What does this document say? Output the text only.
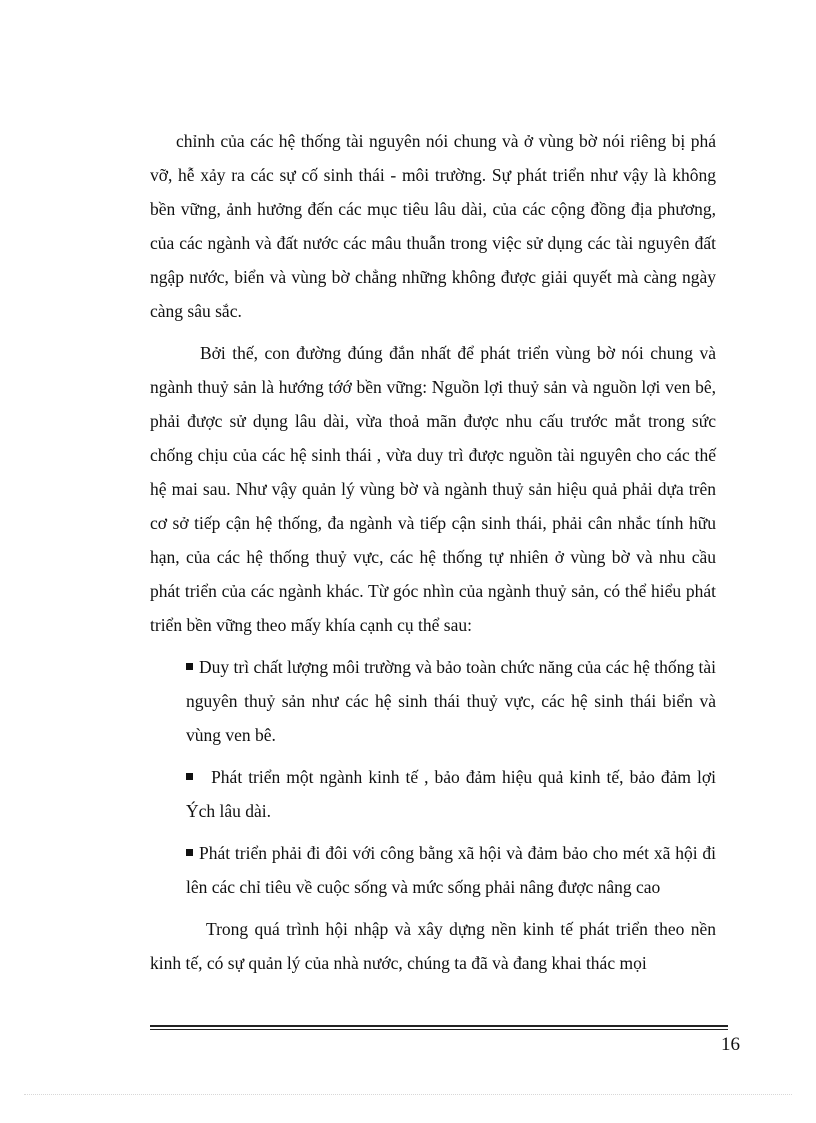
chỉnh của các hệ thống tài nguyên nói chung và ở vùng bờ nói riêng bị phá vỡ, hễ xảy ra các sự cố sinh thái - môi trường. Sự phát triển như vậy là không bền vững, ảnh hưởng đến các mục tiêu lâu dài, của các cộng đồng địa phương, của các ngành và đất nước các mâu thuẫn trong việc sử dụng các tài nguyên đất ngập nước, biển và vùng bờ chẳng những không được giải quyết mà càng ngày càng sâu sắc.

Bởi thế, con đường đúng đắn nhất để phát triển vùng bờ nói chung và ngành thuỷ sản là hướng tớớ bền vững: Nguồn lợi thuỷ sản và nguồn lợi ven bê, phải được sử dụng lâu dài, vừa thoả mãn được nhu cấu trước mắt trong sức chống chịu của các hệ sinh thái , vừa duy trì được nguồn tài nguyên cho các thế hệ mai sau. Như vậy quản lý vùng bờ và ngành thuỷ sản hiệu quả phải dựa trên cơ sở tiếp cận hệ thống, đa ngành và tiếp cận sinh thái, phải cân nhắc tính hữu hạn, của các hệ thống thuỷ vực, các hệ thống tự nhiên ở vùng bờ và nhu cầu phát triển của các ngành khác. Từ góc nhìn của ngành thuỷ sản, có thể hiểu phát triển bền vững theo mấy khía cạnh cụ thể sau:

Duy trì chất lượng môi trường và bảo toàn chức năng của các hệ thống tài nguyên thuỷ sản như các hệ sinh thái thuỷ vực, các hệ sinh thái biển và vùng ven bê.

Phát triển một ngành kinh tế , bảo đảm hiệu quả kinh tế, bảo đảm lợi Ých lâu dài.

Phát triển phải đi đôi với công bằng xã hội và đảm bảo cho mét xã hội đi lên các chỉ tiêu về cuộc sống và mức sống phải nâng được nâng cao

Trong quá trình hội nhập và xây dựng nền kinh tế phát triển theo nền kinh tế, có sự quản lý của nhà nước, chúng ta đã và đang khai thác mọi

16
